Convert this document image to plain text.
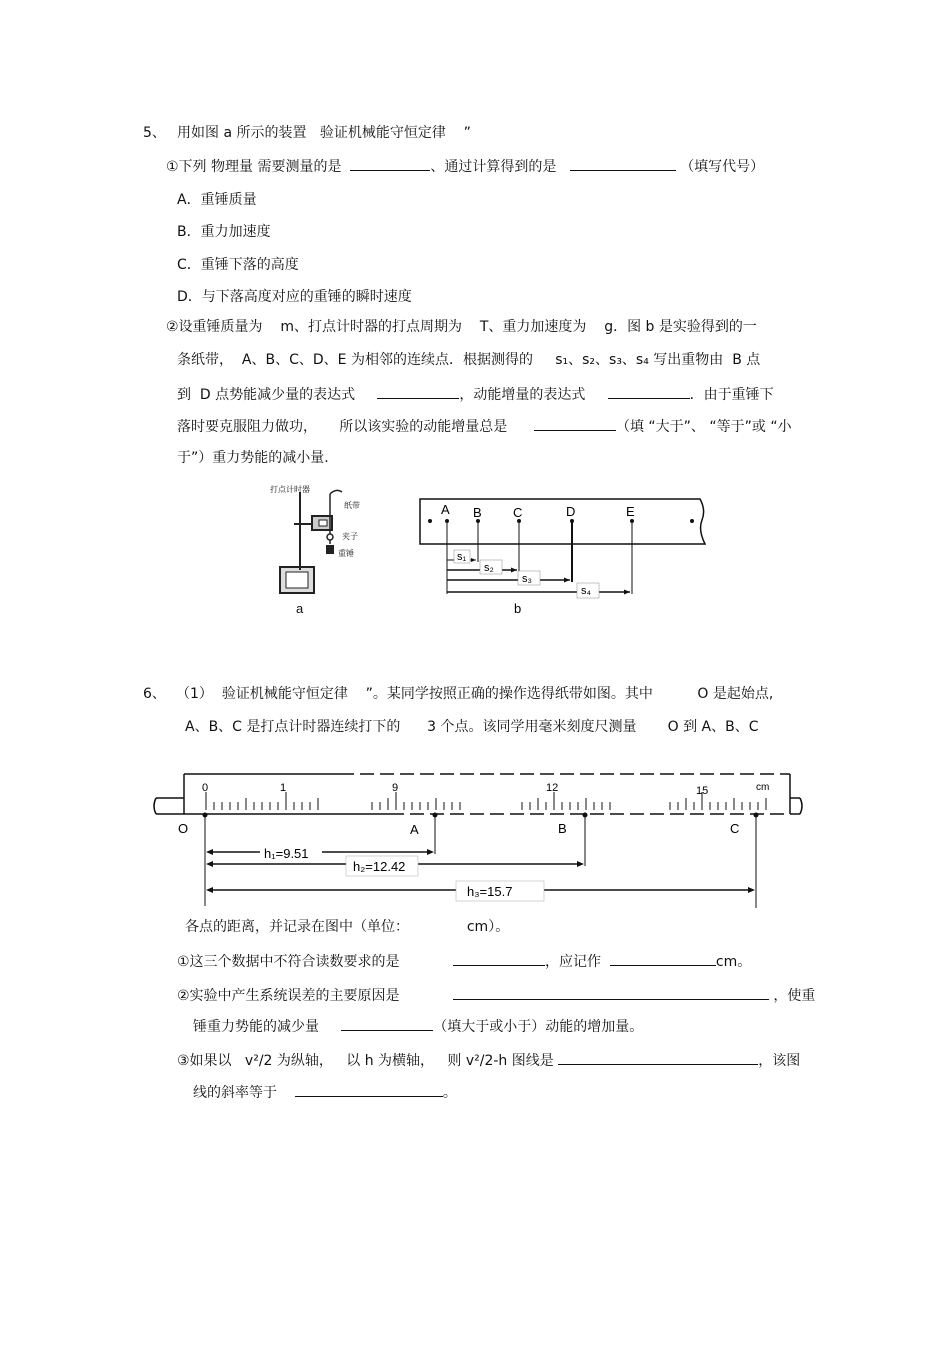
5、 用如图 a 所示的装置 验证机械能守恒定律 ”
①下列 物理量 需要测量的是	、通过计算得到的是	（填写代号）
A．重锤质量
B．重力加速度
C．重锤下落的高度
D．与下落高度对应的重锤的瞬时速度
②设重锤质量为 m、打点计时器的打点周期为 T、重力加速度为 g．图 b 是实验得到的一
条纸带， A、B、C、D、E 为相邻的连续点．根据测得的 s₁、s₂、s₃、s₄ 写出重物由 B 点
到 D 点势能减少量的表达式	，动能增量的表达式	．由于重锤下
落时要克服阻力做功， 所以该实验的动能增量总是	（填 “大于”、 “等于”或 “小
于”）重力势能的减小量.
打点计时器
纸带
夹子
重锤
a
A B C	D	E
s₁
s₂
s₃
s₄
b
6、 （1） 验证机械能守恒定律 ”。某同学按照正确的操作选得纸带如图。其中	O 是起始点,
A、B、C 是打点计时器连续打下的 3 个点。该同学用毫米刻度尺测量 O 到 A、B、C
0	1	9	12	15	cm
O	A	B	C
h₁=9.51
h₂=12.42
h₃=15.7
各点的距离，并记录在图中（单位：	cm）。
①这三个数据中不符合读数要求的是	，应记作	cm。
②实验中产生系统误差的主要原因是	，使重
锤重力势能的减少量	（填大于或小于）动能的增加量。
③如果以 v²/2 为纵轴， 以 h 为横轴， 则 v²/2-h 图线是	，该图
线的斜率等于	。
